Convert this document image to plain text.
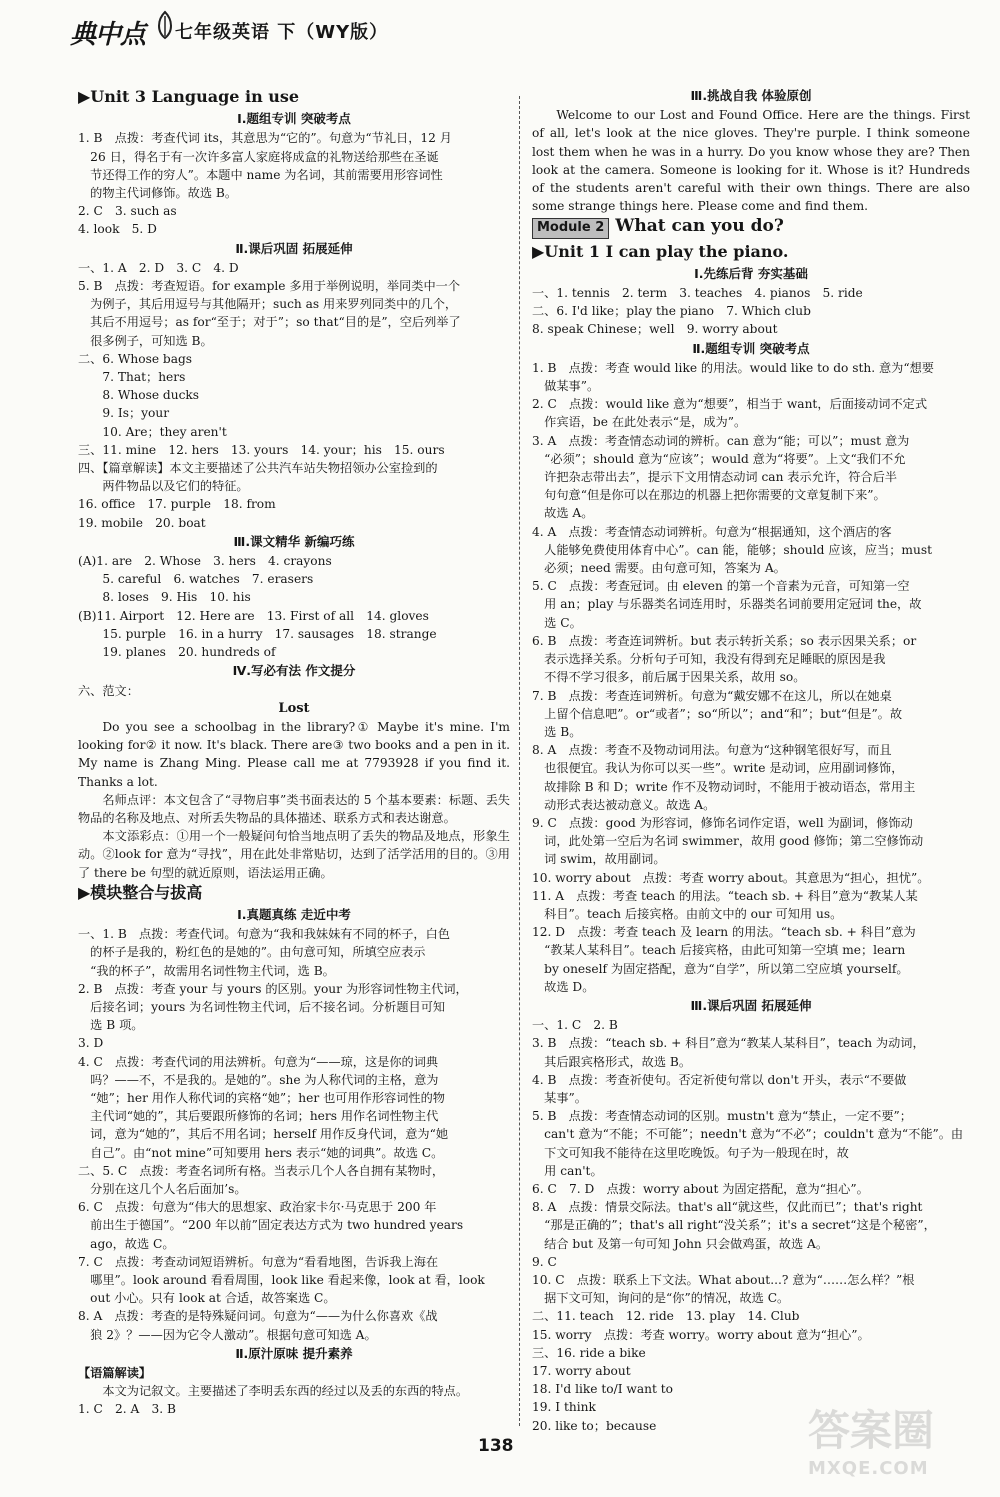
典中点 七年级英语 下（WY版）
▶Unit 3 Language in use
Ⅰ.题组专训 突破考点
1. B　点拨：考查代词 its，其意思为“它的”。句意为“节礼日，12 月
　26 日，得名于有一次许多富人家庭将成盒的礼物送给那些在圣诞
　节还得工作的穷人”。本题中 name 为名词，其前需要用形容词性
　的物主代词修饰。故选 B。
2. C　3. such as
4. look　5. D
Ⅱ.课后巩固 拓展延伸
一、1. A　2. D　3. C　4. D
5. B　点拨：考查短语。for example 多用于举例说明，举同类中一个
　为例子，其后用逗号与其他隔开；such as 用来罗列同类中的几个，
　其后不用逗号；as for“至于；对于”；so that“目的是”，空后列举了
　很多例子，可知选 B。
二、6. Whose bags
　　7. That；hers
　　8. Whose ducks
　　9. Is；your
　　10. Are；they aren't
三、11. mine　12. hers　13. yours　14. your；his　15. ours
四、【篇章解读】本文主要描述了公共汽车站失物招领办公室捡到的
　　两件物品以及它们的特征。
16. office　17. purple　18. from
19. mobile　20. boat
Ⅲ.课文精华 新编巧练
(A)1. are　2. Whose　3. hers　4. crayons
　　5. careful　6. watches　7. erasers
　　8. loses　9. His　10. his
(B)11. Airport　12. Here are　13. First of all　14. gloves
　　15. purple　16. in a hurry　17. sausages　18. strange
　　19. planes　20. hundreds of
Ⅳ.写必有法 作文提分
六、范文：
Lost
Do you see a schoolbag in the library?① Maybe it's mine. I'm looking for② it now. It's black. There are③ two books and a pen in it. My name is Zhang Ming. Please call me at 7793928 if you find it. Thanks a lot.
名师点评：本文包含了“寻物启事”类书面表达的 5 个基本要素：标题、丢失物品的名称及地点、对所丢失物品的具体描述、联系方式和表达谢意。
本文添彩点：①用一个一般疑问句恰当地点明了丢失的物品及地点，形象生动。②look for 意为“寻找”，用在此处非常贴切，达到了活学活用的目的。③用了 there be 句型的就近原则，语法运用正确。
▶模块整合与拔高
Ⅰ.真题真练 走近中考
一、1. B　点拨：考查代词。句意为“我和我妹妹有不同的杯子，白色
　的杯子是我的，粉红色的是她的”。由句意可知，所填空应表示
　“我的杯子”，故需用名词性物主代词，选 B。
2. B　点拨：考查 your 与 yours 的区别。your 为形容词性物主代词，
　后接名词；yours 为名词性物主代词，后不接名词。分析题目可知
　选 B 项。
3. D
4. C　点拨：考查代词的用法辨析。句意为“——琼，这是你的词典
　吗？——不，不是我的。是她的”。she 为人称代词的主格，意为
　“她”；her 用作人称代词的宾格“她”；her 也可用作形容词性的物
　主代词“她的”，其后要跟所修饰的名词；hers 用作名词性物主代
　词，意为“她的”，其后不用名词；herself 用作反身代词，意为“她
　自己”。由“not mine”可知要用 hers 表示“她的词典”。故选 C。
二、5. C　点拨：考查名词所有格。当表示几个人各自拥有某物时，
　分别在这几个人名后面加’s。
6. C　点拨：句意为“伟大的思想家、政治家卡尔·马克思于 200 年
　前出生于德国”。“200 年以前”固定表达方式为 two hundred years
　ago，故选 C。
7. C　点拨：考查动词短语辨析。句意为“看看地图，告诉我上海在
　哪里”。look around 看看周围，look like 看起来像，look at 看，look
　out 小心。只有 look at 合适，故答案选 C。
8. A　点拨：考查的是特殊疑问词。句意为“——为什么你喜欢《战
　狼 2》？——因为它令人激动”。根据句意可知选 A。
Ⅱ.原汁原味 提升素养
【语篇解读】
本文为记叙文。主要描述了李明丢东西的经过以及丢的东西的特点。
1. C　2. A　3. B
Ⅲ.挑战自我 体验原创
Welcome to our Lost and Found Office. Here are the things. First of all, let's look at the nice gloves. They're purple. I think someone lost them when he was in a hurry. Do you know whose they are? Then look at the camera. Someone is looking for it. Whose is it? Hundreds of the students aren't careful with their own things. There are also some strange things here. Please come and find them.
Module 2 What can you do?
▶Unit 1 I can play the piano.
Ⅰ.先练后背 夯实基础
一、1. tennis　2. term　3. teaches　4. pianos　5. ride
二、6. I'd like；play the piano　7. Which club
8. speak Chinese；well　9. worry about
Ⅱ.题组专训 突破考点
1. B　点拨：考查 would like 的用法。would like to do sth. 意为“想要
　做某事”。
2. C　点拨：would like 意为“想要”，相当于 want，后面接动词不定式
　作宾语，be 在此处表示“是，成为”。
3. A　点拨：考查情态动词的辨析。can 意为“能；可以”；must 意为
　“必须”；should 意为“应该”；would 意为“将要”。上文“我们不允
　许把杂志带出去”，提示下文用情态动词 can 表示允许，符合后半
　句句意“但是你可以在那边的机器上把你需要的文章复制下来”。
　故选 A。
4. A　点拨：考查情态动词辨析。句意为“根据通知，这个酒店的客
　人能够免费使用体育中心”。can 能，能够；should 应该，应当；must
　必须；need 需要。由句意可知，答案为 A。
5. C　点拨：考查冠词。由 eleven 的第一个音素为元音，可知第一空
　用 an；play 与乐器类名词连用时，乐器类名词前要用定冠词 the，故
　选 C。
6. B　点拨：考查连词辨析。but 表示转折关系；so 表示因果关系；or
　表示选择关系。分析句子可知，我没有得到充足睡眠的原因是我
　不得不学习很多，前后属于因果关系，故用 so。
7. B　点拨：考查连词辨析。句意为“戴安娜不在这儿，所以在她桌
　上留个信息吧”。or“或者”；so“所以”；and“和”；but“但是”。故
　选 B。
8. A　点拨：考查不及物动词用法。句意为“这种钢笔很好写，而且
　也很便宜。我认为你可以买一些”。write 是动词，应用副词修饰，
　故排除 B 和 D；write 作不及物动词时，不能用于被动语态，常用主
　动形式表达被动意义。故选 A。
9. C　点拨：good 为形容词，修饰名词作定语，well 为副词，修饰动
　词，此处第一空后为名词 swimmer，故用 good 修饰；第二空修饰动
　词 swim，故用副词。
10. worry about　点拨：考查 worry about。其意思为“担心，担忧”。
11. A　点拨：考查 teach 的用法。“teach sb. + 科目”意为“教某人某
　科目”。teach 后接宾格。由前文中的 our 可知用 us。
12. D　点拨：考查 teach 及 learn 的用法。“teach sb. + 科目”意为
　“教某人某科目”。teach 后接宾格，由此可知第一空填 me；learn
　by oneself 为固定搭配，意为“自学”，所以第二空应填 yourself。
　故选 D。
Ⅲ.课后巩固 拓展延伸
一、1. C　2. B
3. B　点拨：“teach sb. + 科目”意为“教某人某科目”，teach 为动词，
　其后跟宾格形式，故选 B。
4. B　点拨：考查祈使句。否定祈使句常以 don't 开头，表示“不要做
　某事”。
5. B　点拨：考查情态动词的区别。mustn't 意为“禁止，一定不要”；
　can't 意为“不能；不可能”；needn't 意为“不必”；couldn't 意为“不能”。由
　下文可知我不能待在这里吃晚饭。句子为一般现在时，故
　用 can't。
6. C　7. D　点拨：worry about 为固定搭配，意为“担心”。
8. A　点拨：情景交际法。that's all“就这些，仅此而已”；that's right
　“那是正确的”；that's all right“没关系”；it's a secret“这是个秘密”，
　结合 but 及第一句可知 John 只会做鸡蛋，故选 A。
9. C
10. C　点拨：联系上下文法。What about...? 意为“……怎么样？”根
　据下文可知，询问的是“你”的情况，故选 C。
二、11. teach　12. ride　13. play　14. Club
15. worry　点拨：考查 worry。worry about 意为“担心”。
三、16. ride a bike
17. worry about
18. I'd like to/I want to
19. I think
20. like to；because
138	答案圈
MXQE.COM
